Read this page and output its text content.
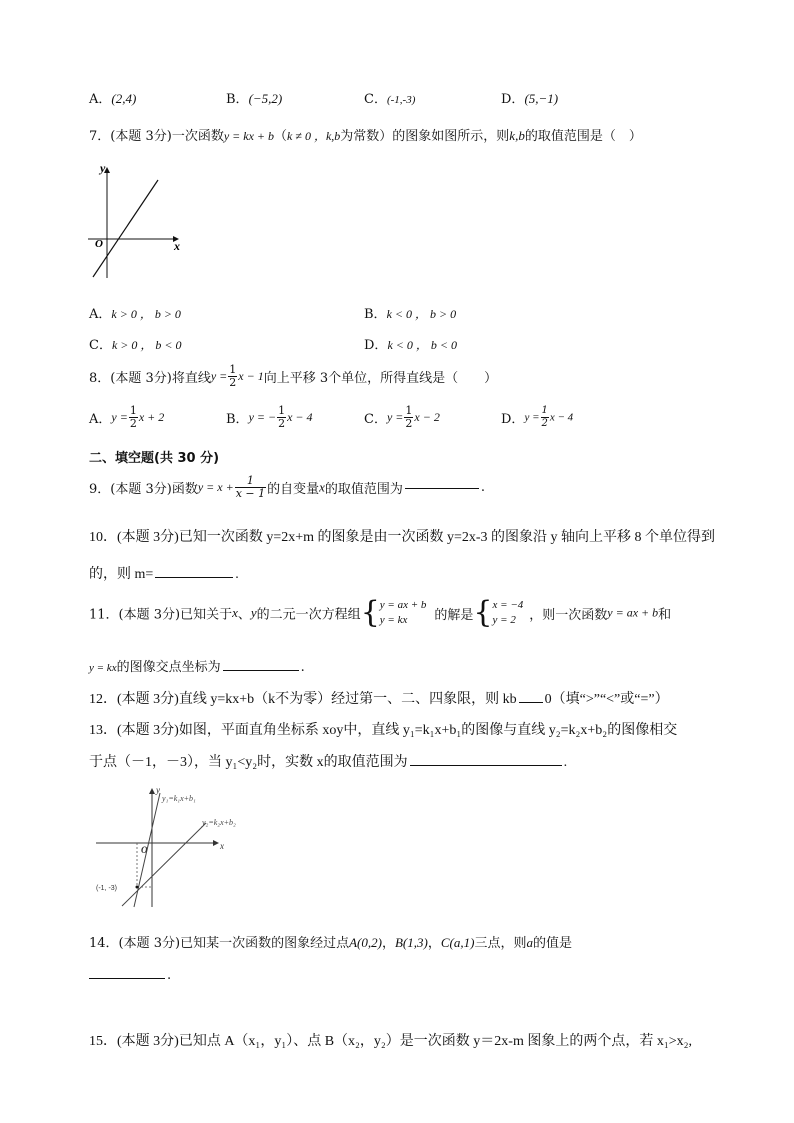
A．(2,4)	B．(−5,2)	C．(-1,-3)	D．(5,−1)
7．(本题 3分)一次函数y = kx + b（k ≠ 0 ，k,b为常数）的图象如图所示，则k,b的取值范围是（　）
y
x
O
A．k > 0 ， b > 0	B．k < 0 ， b > 0
C．k > 0 ， b < 0	D．k < 0 ， b < 0
8．(本题 3分)将直线$y = \frac{1}{2}$ x − 1向上平移 3个单位，所得直线是（　　）
A．$y = \frac{1}{2}$ x + 2	B．y = − $\frac{1}{2}$ x − 4	C．$y = \frac{1}{2}$ x − 2	D．$y = \frac{1}{2}$ x − 4
二、填空题(共 30 分)
9．(本题 3分)函数$y = x + \frac{1}{x - 1}$ 的自变量x的取值范围为	.
10．(本题 3分)已知一次函数 y=2x+m 的图象是由一次函数 y=2x-3 的图象沿 y 轴向上平移 8 个单位得到
的，则 m=	.
11．(本题 3分)已知关于x、y的二元一次方程组{ y = ax + b
y = kx	的解是{ x = −4
y = 2	，则一次函数y = ax + b和
y = kx的图像交点坐标为	.
12．(本题 3分)直线 y=kx+b（k不为零）经过第一、二、四象限，则 kb 0（填“>”“<”或“=”）
13．(本题 3分)如图，平面直角坐标系 xoy中，直线 y₁=k₁x+b₁的图像与直线 y₂=k₂x+b₂的图像相交
于点（－1，－3），当 y₁<y₂时，实数 x的取值范围为	.
y
x
O
y₁=k₁x+b₁
y₂=k₂x+b₂
(-1, -3)
14．(本题 3分)已知某一次函数的图象经过点A(0,2)，B(1,3)，C(a,1)三点，则a的值是
.
15．(本题 3分)已知点 A（x₁，y₁）、点 B（x₂，y₂）是一次函数 y＝2x-m 图象上的两个点，若 x₁>x₂,
